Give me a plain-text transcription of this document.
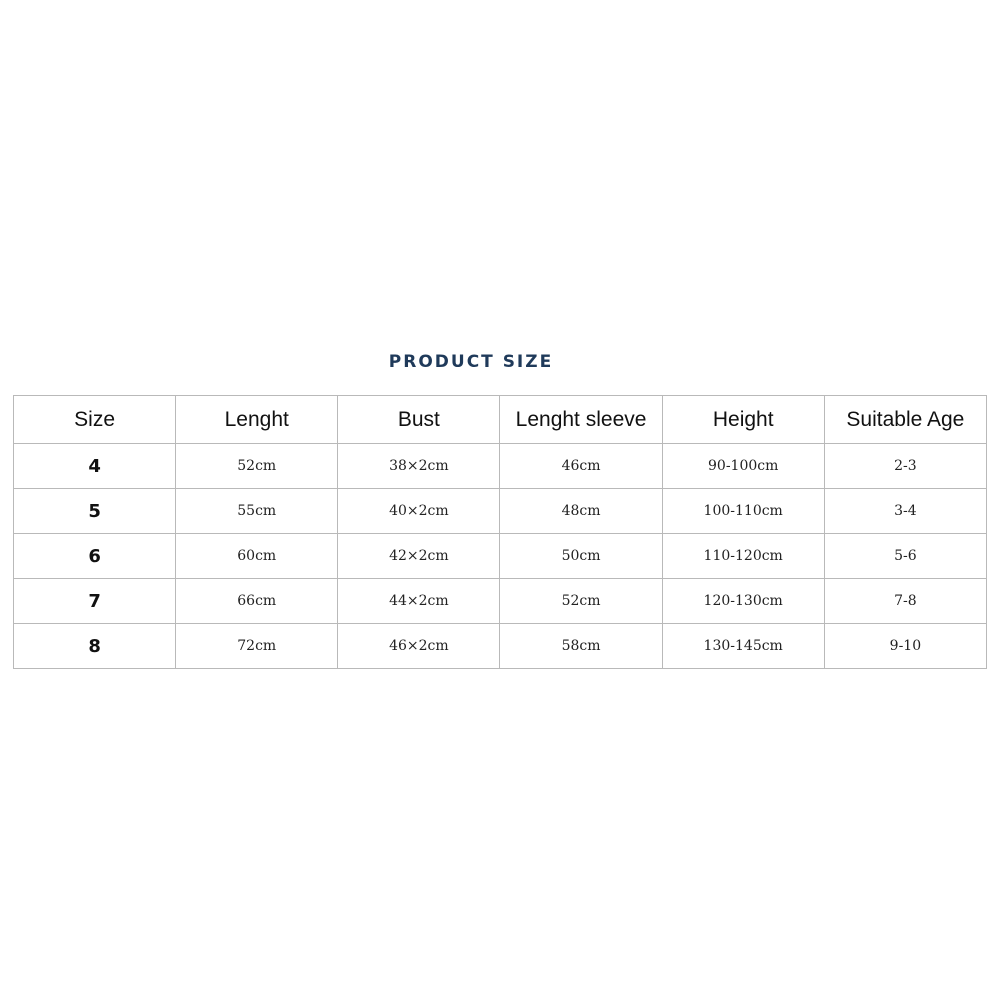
PRODUCT SIZE
Size	Lenght	Bust	Lenght sleeve	Height	Suitable Age
4	52cm	38×2cm	46cm	90-100cm	2-3
5	55cm	40×2cm	48cm	100-110cm	3-4
6	60cm	42×2cm	50cm	110-120cm	5-6
7	66cm	44×2cm	52cm	120-130cm	7-8
8	72cm	46×2cm	58cm	130-145cm	9-10
